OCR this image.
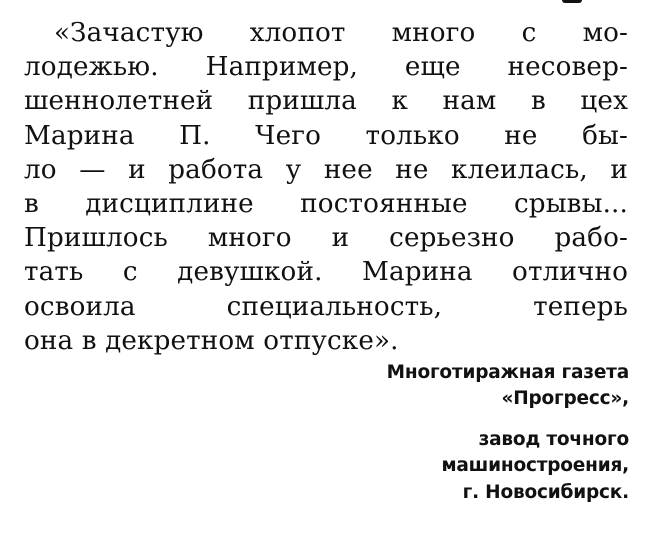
«Зачастую хлопот много с мо-
лодежью. Например, еще несовер-
шеннолетней пришла к нам в цех
Марина П. Чего только не бы-
ло — и работа у нее не клеилась, и
в дисциплине постоянные срывы...
Пришлось много и серьезно рабо-
тать с девушкой. Марина отлично
освоила специальность, теперь
она в декретном отпуске».
Многотиражная газета
«Прогресс»,
завод точного
машиностроения,
г. Новосибирск.
